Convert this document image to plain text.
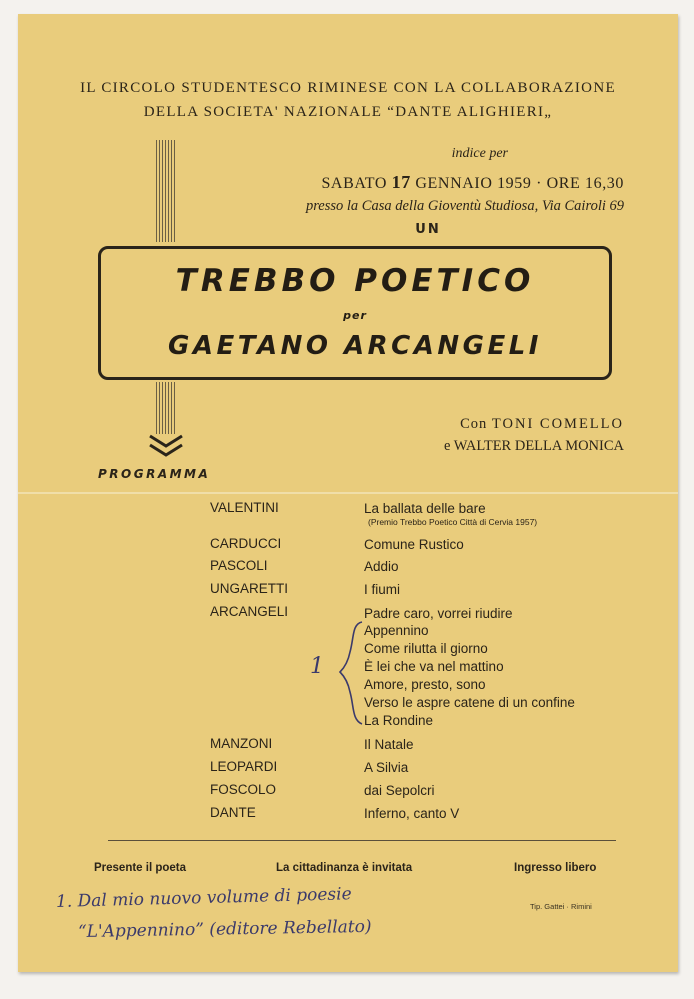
IL CIRCOLO STUDENTESCO RIMINESE CON LA COLLABORAZIONE
DELLA SOCIETA' NAZIONALE “DANTE ALIGHIERI„
indice per
SABATO 17 GENNAIO 1959 · ORE 16,30
presso la Casa della Gioventù Studiosa, Via Cairoli 69
UN
TREBBO POETICO
per
GAETANO ARCANGELI
Con TONI COMELLO
e WALTER DELLA MONICA
PROGRAMMA
VALENTINI	La ballata delle bare
(Premio Trebbo Poetico Città di Cervia 1957)
CARDUCCI	Comune Rustico
PASCOLI	Addio
UNGARETTI	I fiumi
ARCANGELI	Padre caro, vorrei riudire
Appennino
Come rilutta il giorno
È lei che va nel mattino
Amore, presto, sono
Verso le aspre catene di un confine
La Rondine
1
MANZONI	Il Natale
LEOPARDI	A Silvia
FOSCOLO	dai Sepolcri
DANTE	Inferno, canto V
Presente il poeta	La cittadinanza è invitata	Ingresso libero
Tip. Gattei · Rimini
1. Dal mio nuovo volume di poesie
“L'Appennino” (editore Rebellato)
